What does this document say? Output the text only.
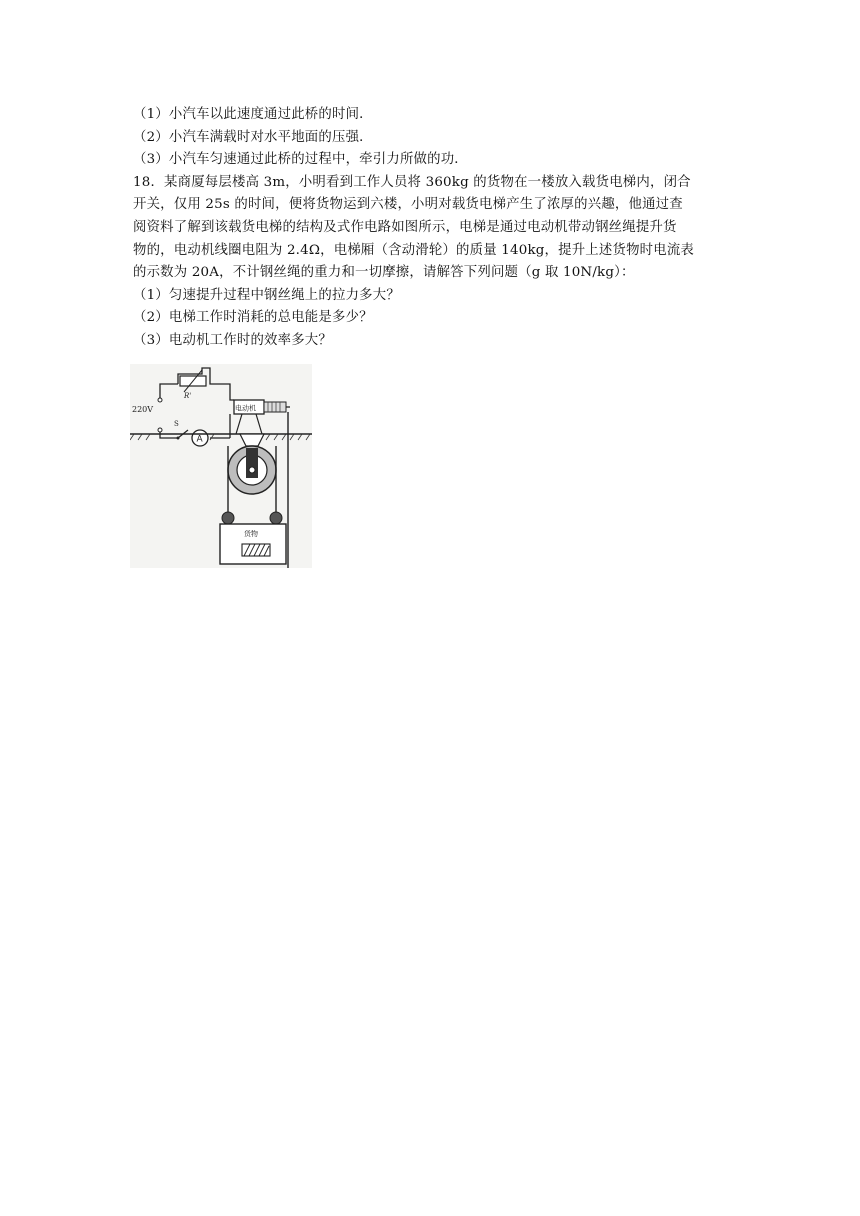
（1）小汽车以此速度通过此桥的时间．
（2）小汽车满载时对水平地面的压强．
（3）小汽车匀速通过此桥的过程中，牵引力所做的功．
18．某商厦每层楼高 3m，小明看到工作人员将 360kg 的货物在一楼放入载货电梯内，闭合
开关，仅用 25s 的时间，便将货物运到六楼，小明对载货电梯产生了浓厚的兴趣，他通过查
阅资料了解到该载货电梯的结构及式作电路如图所示，电梯是通过电动机带动钢丝绳提升货
物的，电动机线圈电阻为 2.4Ω，电梯厢（含动滑轮）的质量 140kg，提升上述货物时电流表
的示数为 20A，不计钢丝绳的重力和一切摩擦，请解答下列问题（g 取 10N/kg）：
（1）匀速提升过程中钢丝绳上的拉力多大？
（2）电梯工作时消耗的总电能是多少？
（3）电动机工作时的效率多大？
R'
220V
S
A
电动机
货物
